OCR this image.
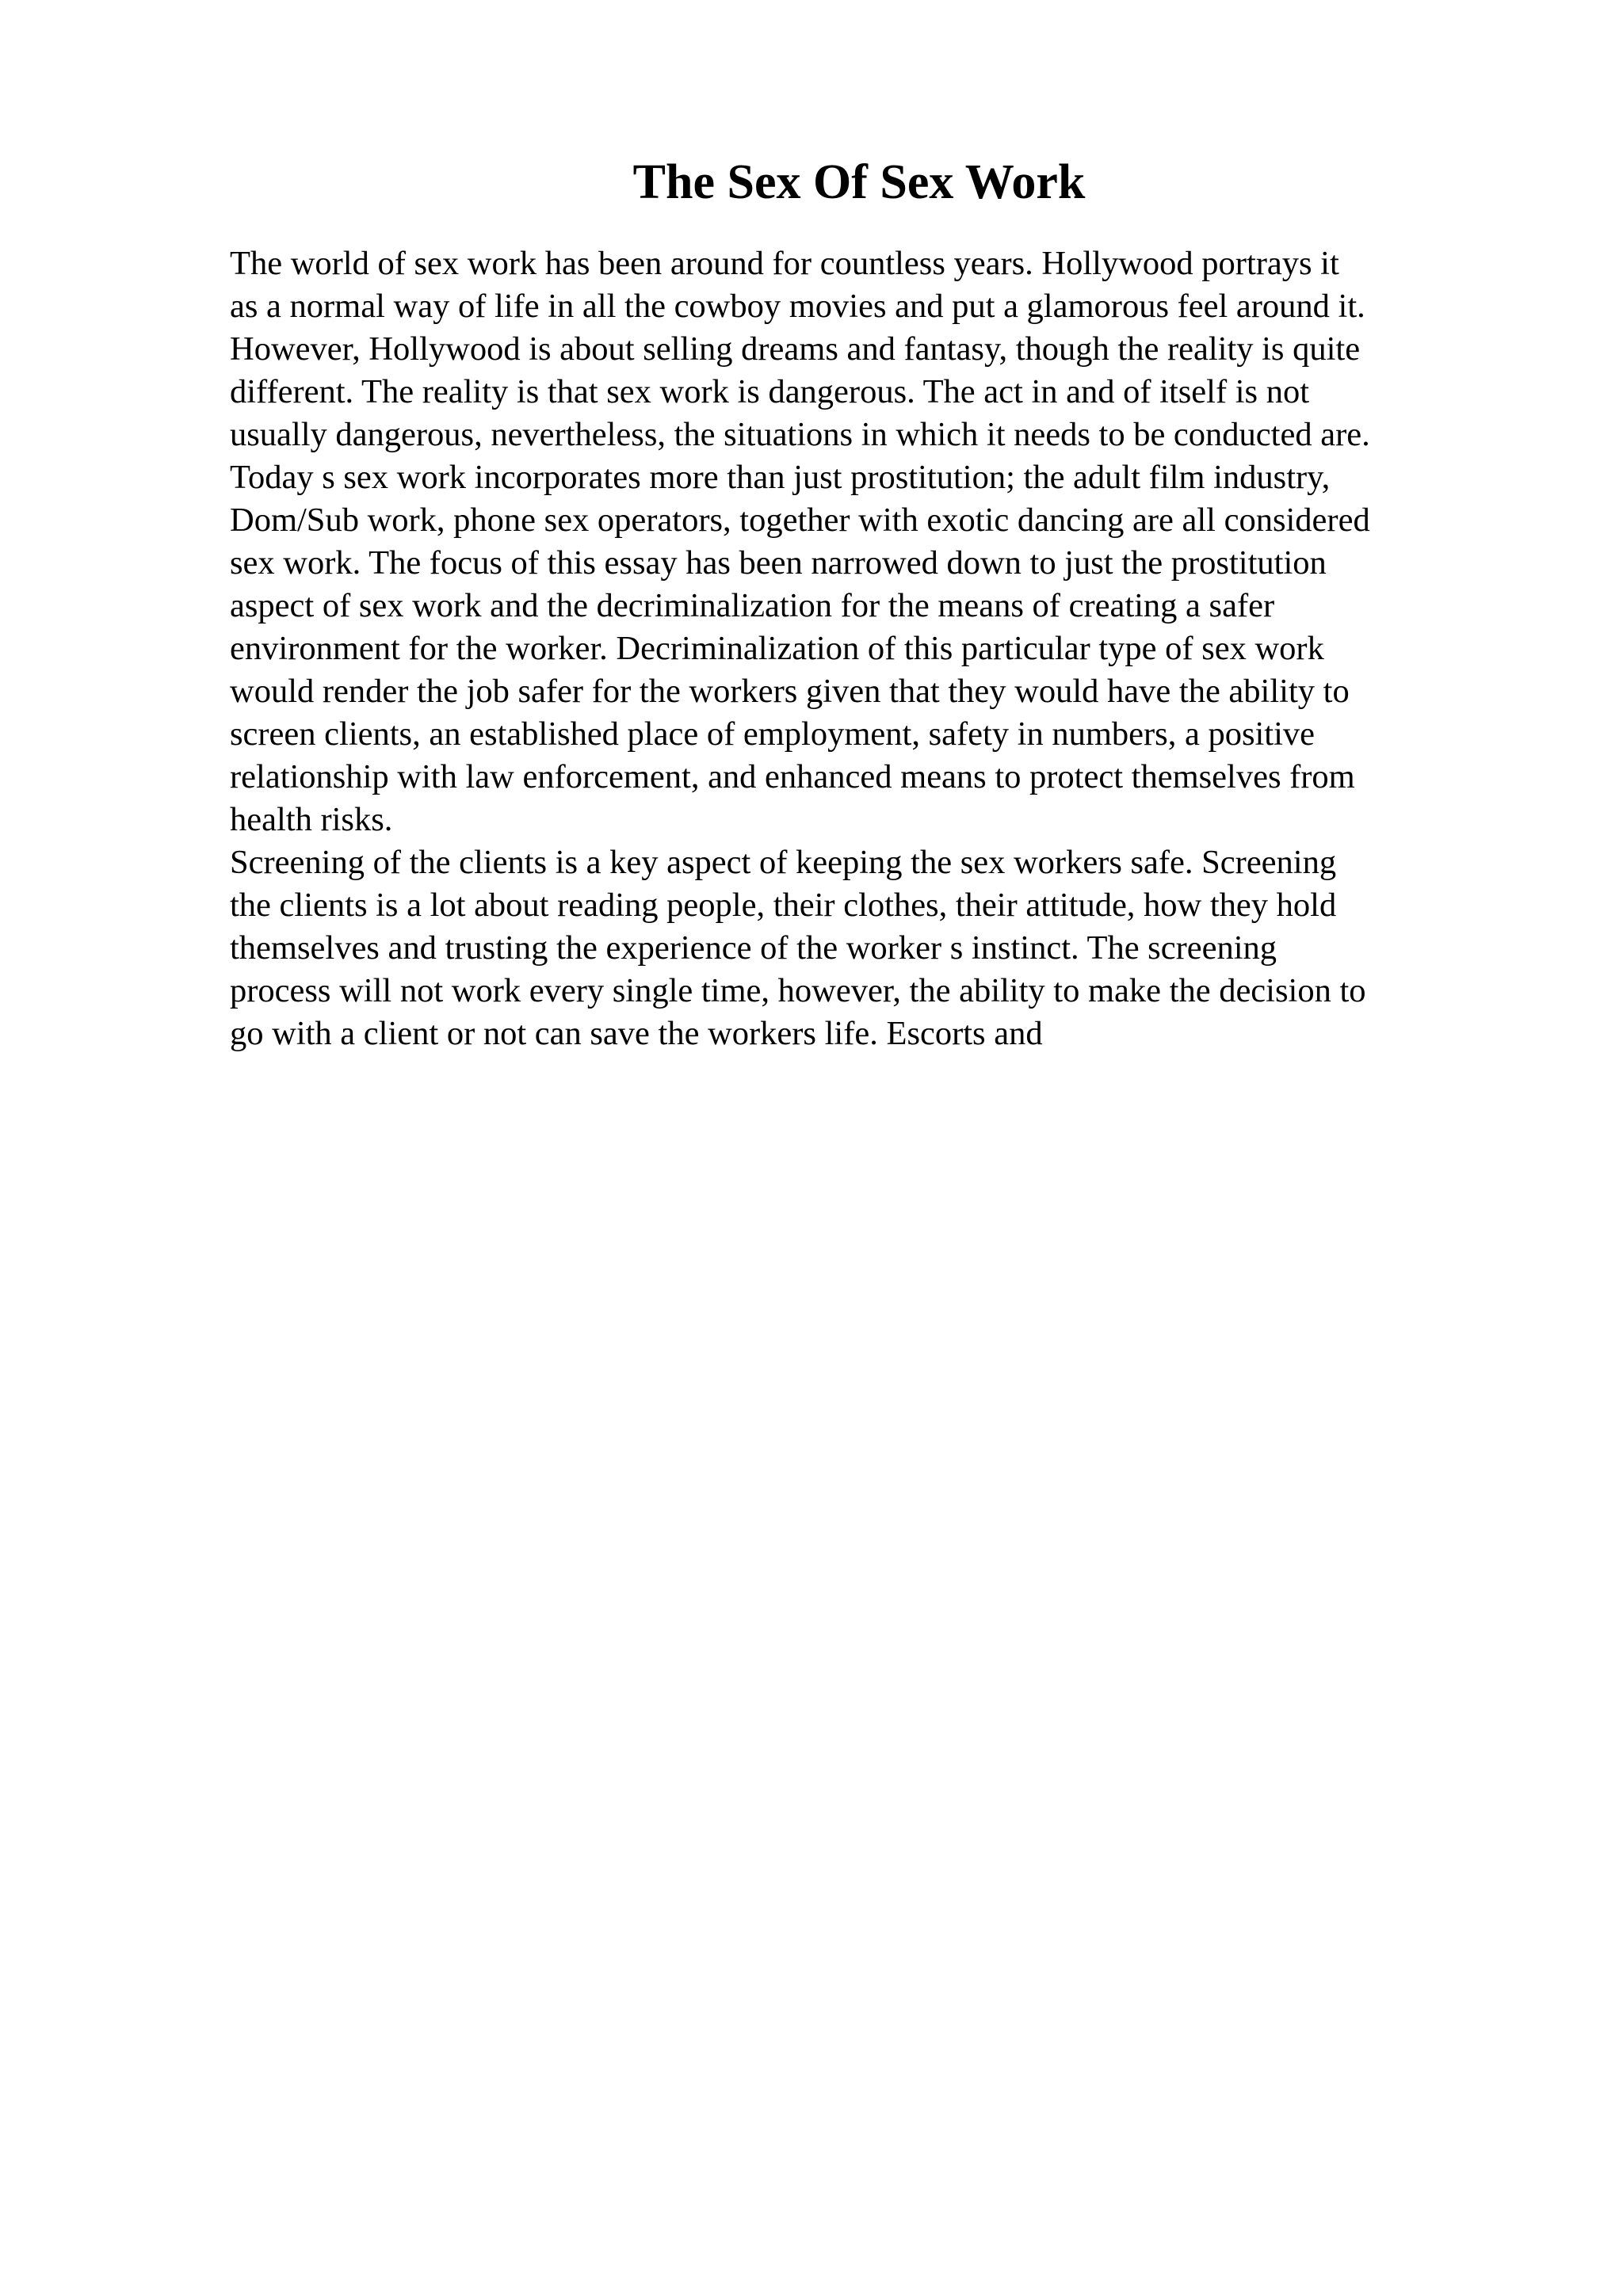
The Sex Of Sex Work
The world of sex work has been around for countless years. Hollywood portrays it
as a normal way of life in all the cowboy movies and put a glamorous feel around it.
However, Hollywood is about selling dreams and fantasy, though the reality is quite
different. The reality is that sex work is dangerous. The act in and of itself is not
usually dangerous, nevertheless, the situations in which it needs to be conducted are.
Today s sex work incorporates more than just prostitution; the adult film industry,
Dom/Sub work, phone sex operators, together with exotic dancing are all considered
sex work. The focus of this essay has been narrowed down to just the prostitution
aspect of sex work and the decriminalization for the means of creating a safer
environment for the worker. Decriminalization of this particular type of sex work
would render the job safer for the workers given that they would have the ability to
screen clients, an established place of employment, safety in numbers, a positive
relationship with law enforcement, and enhanced means to protect themselves from
health risks.
Screening of the clients is a key aspect of keeping the sex workers safe. Screening
the clients is a lot about reading people, their clothes, their attitude, how they hold
themselves and trusting the experience of the worker s instinct. The screening
process will not work every single time, however, the ability to make the decision to
go with a client or not can save the workers life. Escorts and
